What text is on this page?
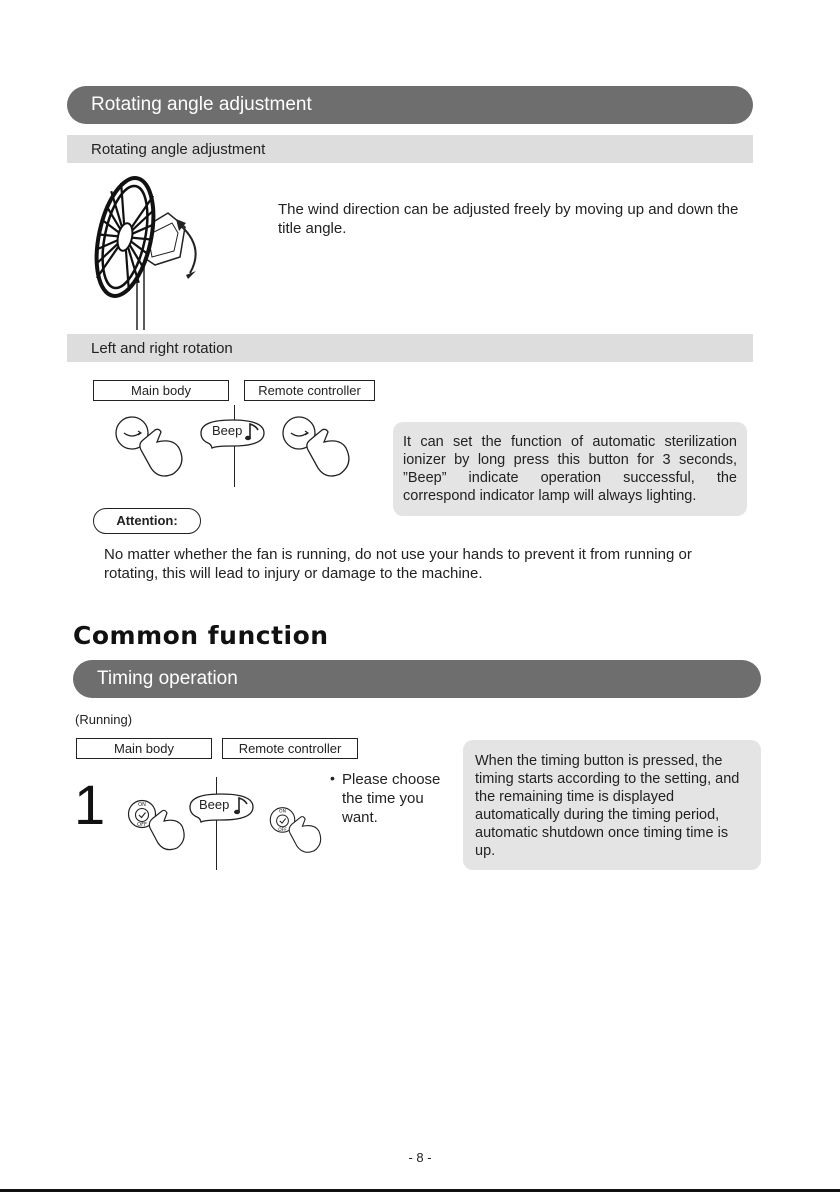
Rotating angle adjustment
Rotating angle adjustment
The wind direction can be adjusted freely by moving up and down the title angle.
Left and right rotation
Main body	Remote controller
Beep
It can set the function of automatic sterilization ionizer by long press this button for 3 seconds, ”Beep” indicate operation successful, the correspond indicator lamp will always lighting.
Attention:
No matter whether the fan is running, do not use your hands to prevent it from running or rotating, this will lead to injury or damage to the machine.
Common function
Timing operation
(Running)
Main body	Remote controller
1	ON
OFF
Beep
ON
OFF
• Please choose the time you want.
When the timing button is pressed, the timing starts according to the setting, and the remaining time is displayed automatically during the timing period, automatic shutdown once timing time is up.
- 8 -
